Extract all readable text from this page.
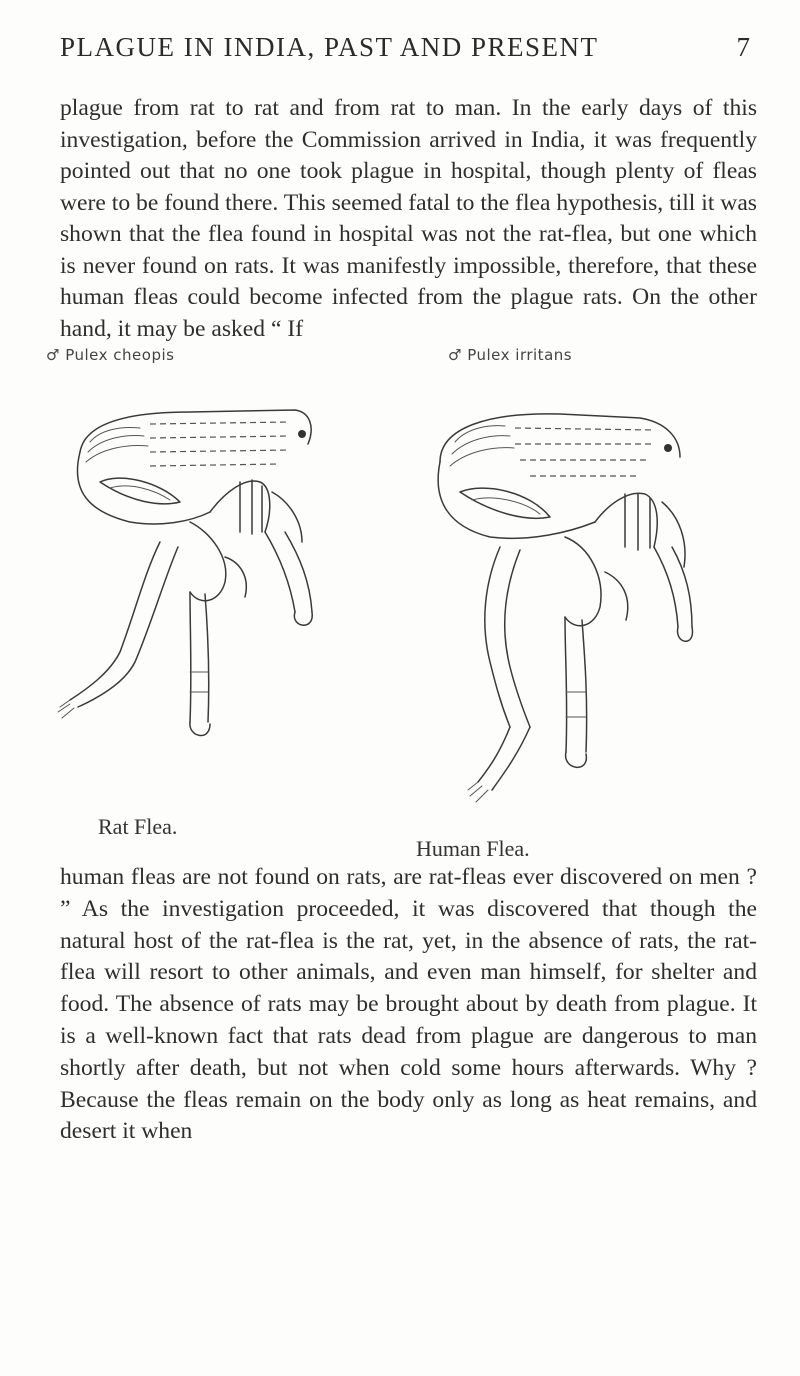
PLAGUE IN INDIA, PAST AND PRESENT	7

plague from rat to rat and from rat to man. In the early days of this investigation, before the Commission arrived in India, it was frequently pointed out that no one took plague in hospital, though plenty of fleas were to be found there. This seemed fatal to the flea hypothesis, till it was shown that the flea found in hospital was not the rat-flea, but one which is never found on rats. It was manifestly impossible, therefore, that these human fleas could become infected from the plague rats. On the other hand, it may be asked “ If

♂ Pulex cheopis
Rat Flea.
♂ Pulex irritans
Human Flea.

human fleas are not found on rats, are rat-fleas ever discovered on men ? ” As the investigation proceeded, it was discovered that though the natural host of the rat-flea is the rat, yet, in the absence of rats, the rat-flea will resort to other animals, and even man himself, for shelter and food. The absence of rats may be brought about by death from plague. It is a well-known fact that rats dead from plague are dangerous to man shortly after death, but not when cold some hours afterwards. Why ? Because the fleas remain on the body only as long as heat remains, and desert it when
